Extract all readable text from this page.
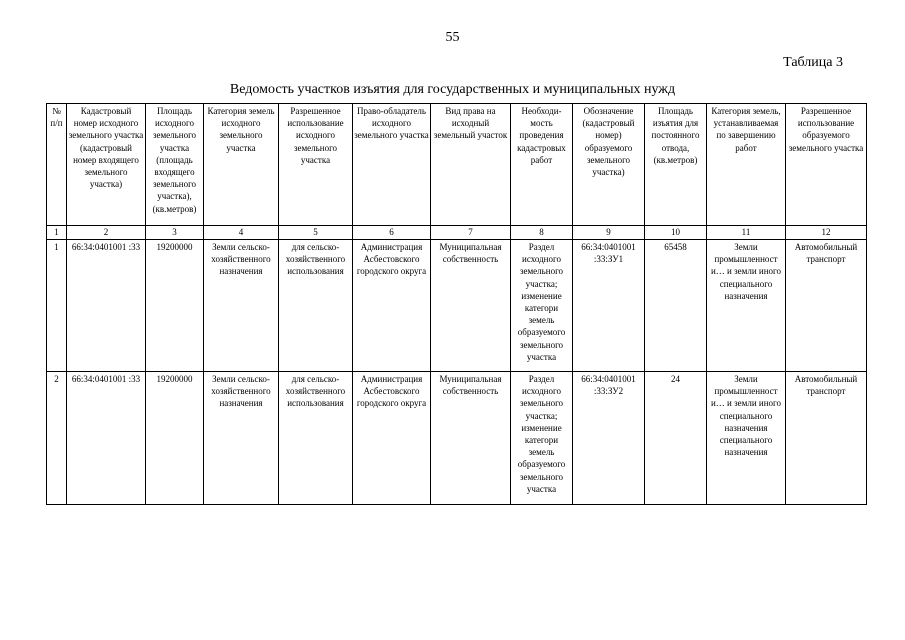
55
Таблица 3
Ведомость участков изъятия для государственных и муниципальных нужд
№ п/п	Кадастровый номер исходного земельного участка (кадастровый номер входящего земельного участка)	Площадь исходного земельного участка (площадь входящего земельного участка), (кв.метров)	Категория земель исходного земельного участка	Разрешенное использование исходного земельного участка	Право-обладатель исходного земельного участка	Вид права на исходный земельный участок	Необходи-мость проведения кадастровых работ	Обозначение (кадастровый номер) образуемого земельного участка)	Площадь изъятия для постоянного отвода, (кв.метров)	Категория земель, устанавливаемая по завершению работ	Разрешенное использование образуемого земельного участка
1	2	3	4	5	6	7	8	9	10	11	12
1	66:34:0401001 :33	19200000	Земли сельско-хозяйственного назначения	для сельско-хозяйственного использования	Администрация Асбестовского городского округа	Муниципальная собственность	Раздел исходного земельного участка; изменение категори земель образуемого земельного участка	66:34:0401001 :33:ЗУ1	65458	Земли промышленност и… и земли иного специального назначения	Автомобильный транспорт
2	66:34:0401001 :33	19200000	Земли сельско-хозяйственного назначения	для сельско-хозяйственного использования	Администрация Асбестовского городского округа	Муниципальная собственность	Раздел исходного земельного участка; изменение категори земель образуемого земельного участка	66:34:0401001 :33:ЗУ2	24	Земли промышленност и… и земли иного специального назначения специального назначения	Автомобильный транспорт
